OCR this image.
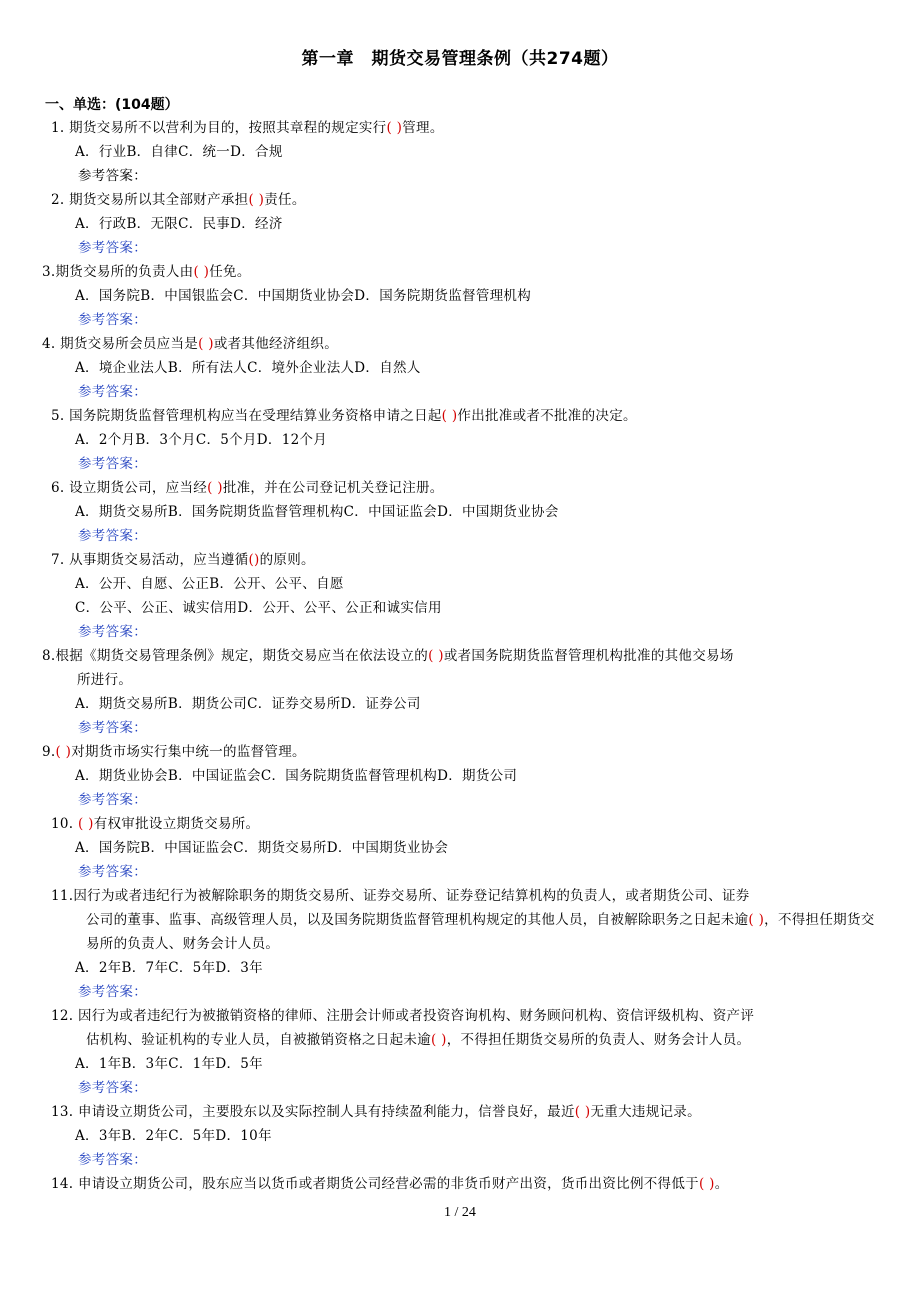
第一章　期货交易管理条例（共274题）
一、单选：(104题）
1. 期货交易所不以营利为目的，按照其章程的规定实行( )管理。
A．行业B．自律C．统一D．合规
参考答案：
2. 期货交易所以其全部财产承担( )责任。
A．行政B．无限C．民事D．经济
参考答案：
3.期货交易所的负责人由( )任免。
A．国务院B．中国银监会C．中国期货业协会D．国务院期货监督管理机构
参考答案：
4. 期货交易所会员应当是( )或者其他经济组织。
A．境企业法人B．所有法人C．境外企业法人D．自然人
参考答案：
5. 国务院期货监督管理机构应当在受理结算业务资格申请之日起( )作出批准或者不批准的决定。
A．2个月B．3个月C．5个月D．12个月
参考答案：
6. 设立期货公司，应当经( )批准，并在公司登记机关登记注册。
A．期货交易所B．国务院期货监督管理机构C．中国证监会D．中国期货业协会
参考答案：
7. 从事期货交易活动，应当遵循()的原则。
A．公开、自愿、公正B．公开、公平、自愿
C．公平、公正、诚实信用D．公开、公平、公正和诚实信用
参考答案：
8.根据《期货交易管理条例》规定，期货交易应当在依法设立的( )或者国务院期货监督管理机构批准的其他交易场
所进行。
A．期货交易所B．期货公司C．证券交易所D．证券公司
参考答案：
9.( )对期货市场实行集中统一的监督管理。
A．期货业协会B．中国证监会C．国务院期货监督管理机构D．期货公司
参考答案：
10. ( )有权审批设立期货交易所。
A．国务院B．中国证监会C．期货交易所D．中国期货业协会
参考答案：
11.因行为或者违纪行为被解除职务的期货交易所、证券交易所、证券登记结算机构的负责人，或者期货公司、证券
公司的董事、监事、高级管理人员，以及国务院期货监督管理机构规定的其他人员，自被解除职务之日起未逾( )，不得担任期货交易所的负责人、财务会计人员。
A．2年B．7年C．5年D．3年
参考答案：
12. 因行为或者违纪行为被撤销资格的律师、注册会计师或者投资咨询机构、财务顾问机构、资信评级机构、资产评
估机构、验证机构的专业人员，自被撤销资格之日起未逾( )，不得担任期货交易所的负责人、财务会计人员。
A．1年B．3年C．1年D．5年
参考答案：
13. 申请设立期货公司，主要股东以及实际控制人具有持续盈利能力，信誉良好，最近( )无重大违规记录。
A．3年B．2年C．5年D．10年
参考答案：
14. 申请设立期货公司，股东应当以货币或者期货公司经营必需的非货币财产出资，货币出资比例不得低于( )。
1 / 24
